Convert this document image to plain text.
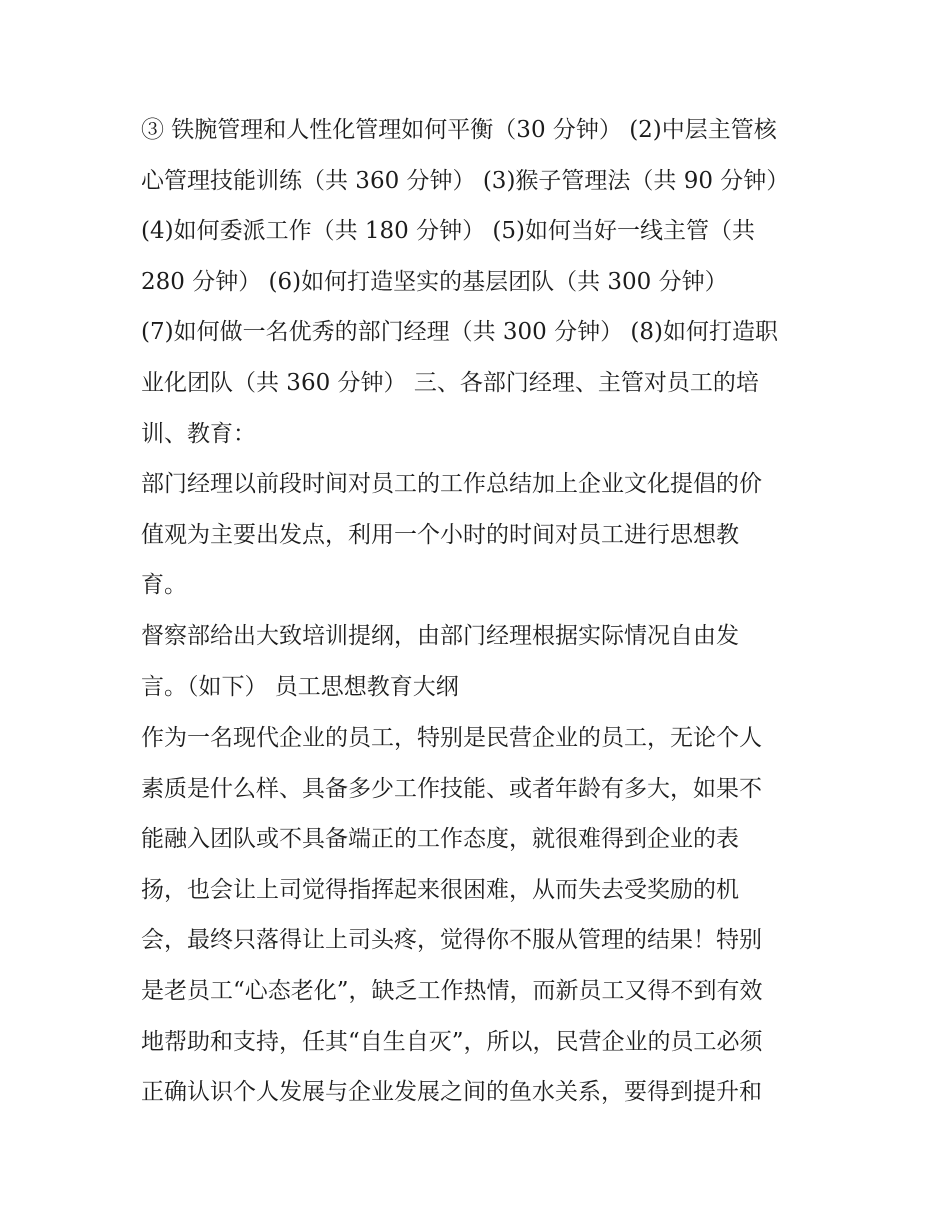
③ 铁腕管理和人性化管理如何平衡（30 分钟） (2)中层主管核
心管理技能训练（共 360 分钟） (3)猴子管理法（共 90 分钟）
(4)如何委派工作（共 180 分钟） (5)如何当好一线主管（共
280 分钟） (6)如何打造坚实的基层团队（共 300 分钟）
(7)如何做一名优秀的部门经理（共 300 分钟） (8)如何打造职
业化团队（共 360 分钟） 三、各部门经理、主管对员工的培
训、教育：
部门经理以前段时间对员工的工作总结加上企业文化提倡的价
值观为主要出发点，利用一个小时的时间对员工进行思想教
育。
督察部给出大致培训提纲，由部门经理根据实际情况自由发
言。（如下） 员工思想教育大纲
作为一名现代企业的员工，特别是民营企业的员工，无论个人
素质是什么样、具备多少工作技能、或者年龄有多大，如果不
能融入团队或不具备端正的工作态度，就很难得到企业的表
扬，也会让上司觉得指挥起来很困难，从而失去受奖励的机
会，最终只落得让上司头疼，觉得你不服从管理的结果！特别
是老员工“心态老化”，缺乏工作热情，而新员工又得不到有效
地帮助和支持，任其“自生自灭”，所以，民营企业的员工必须
正确认识个人发展与企业发展之间的鱼水关系，要得到提升和
